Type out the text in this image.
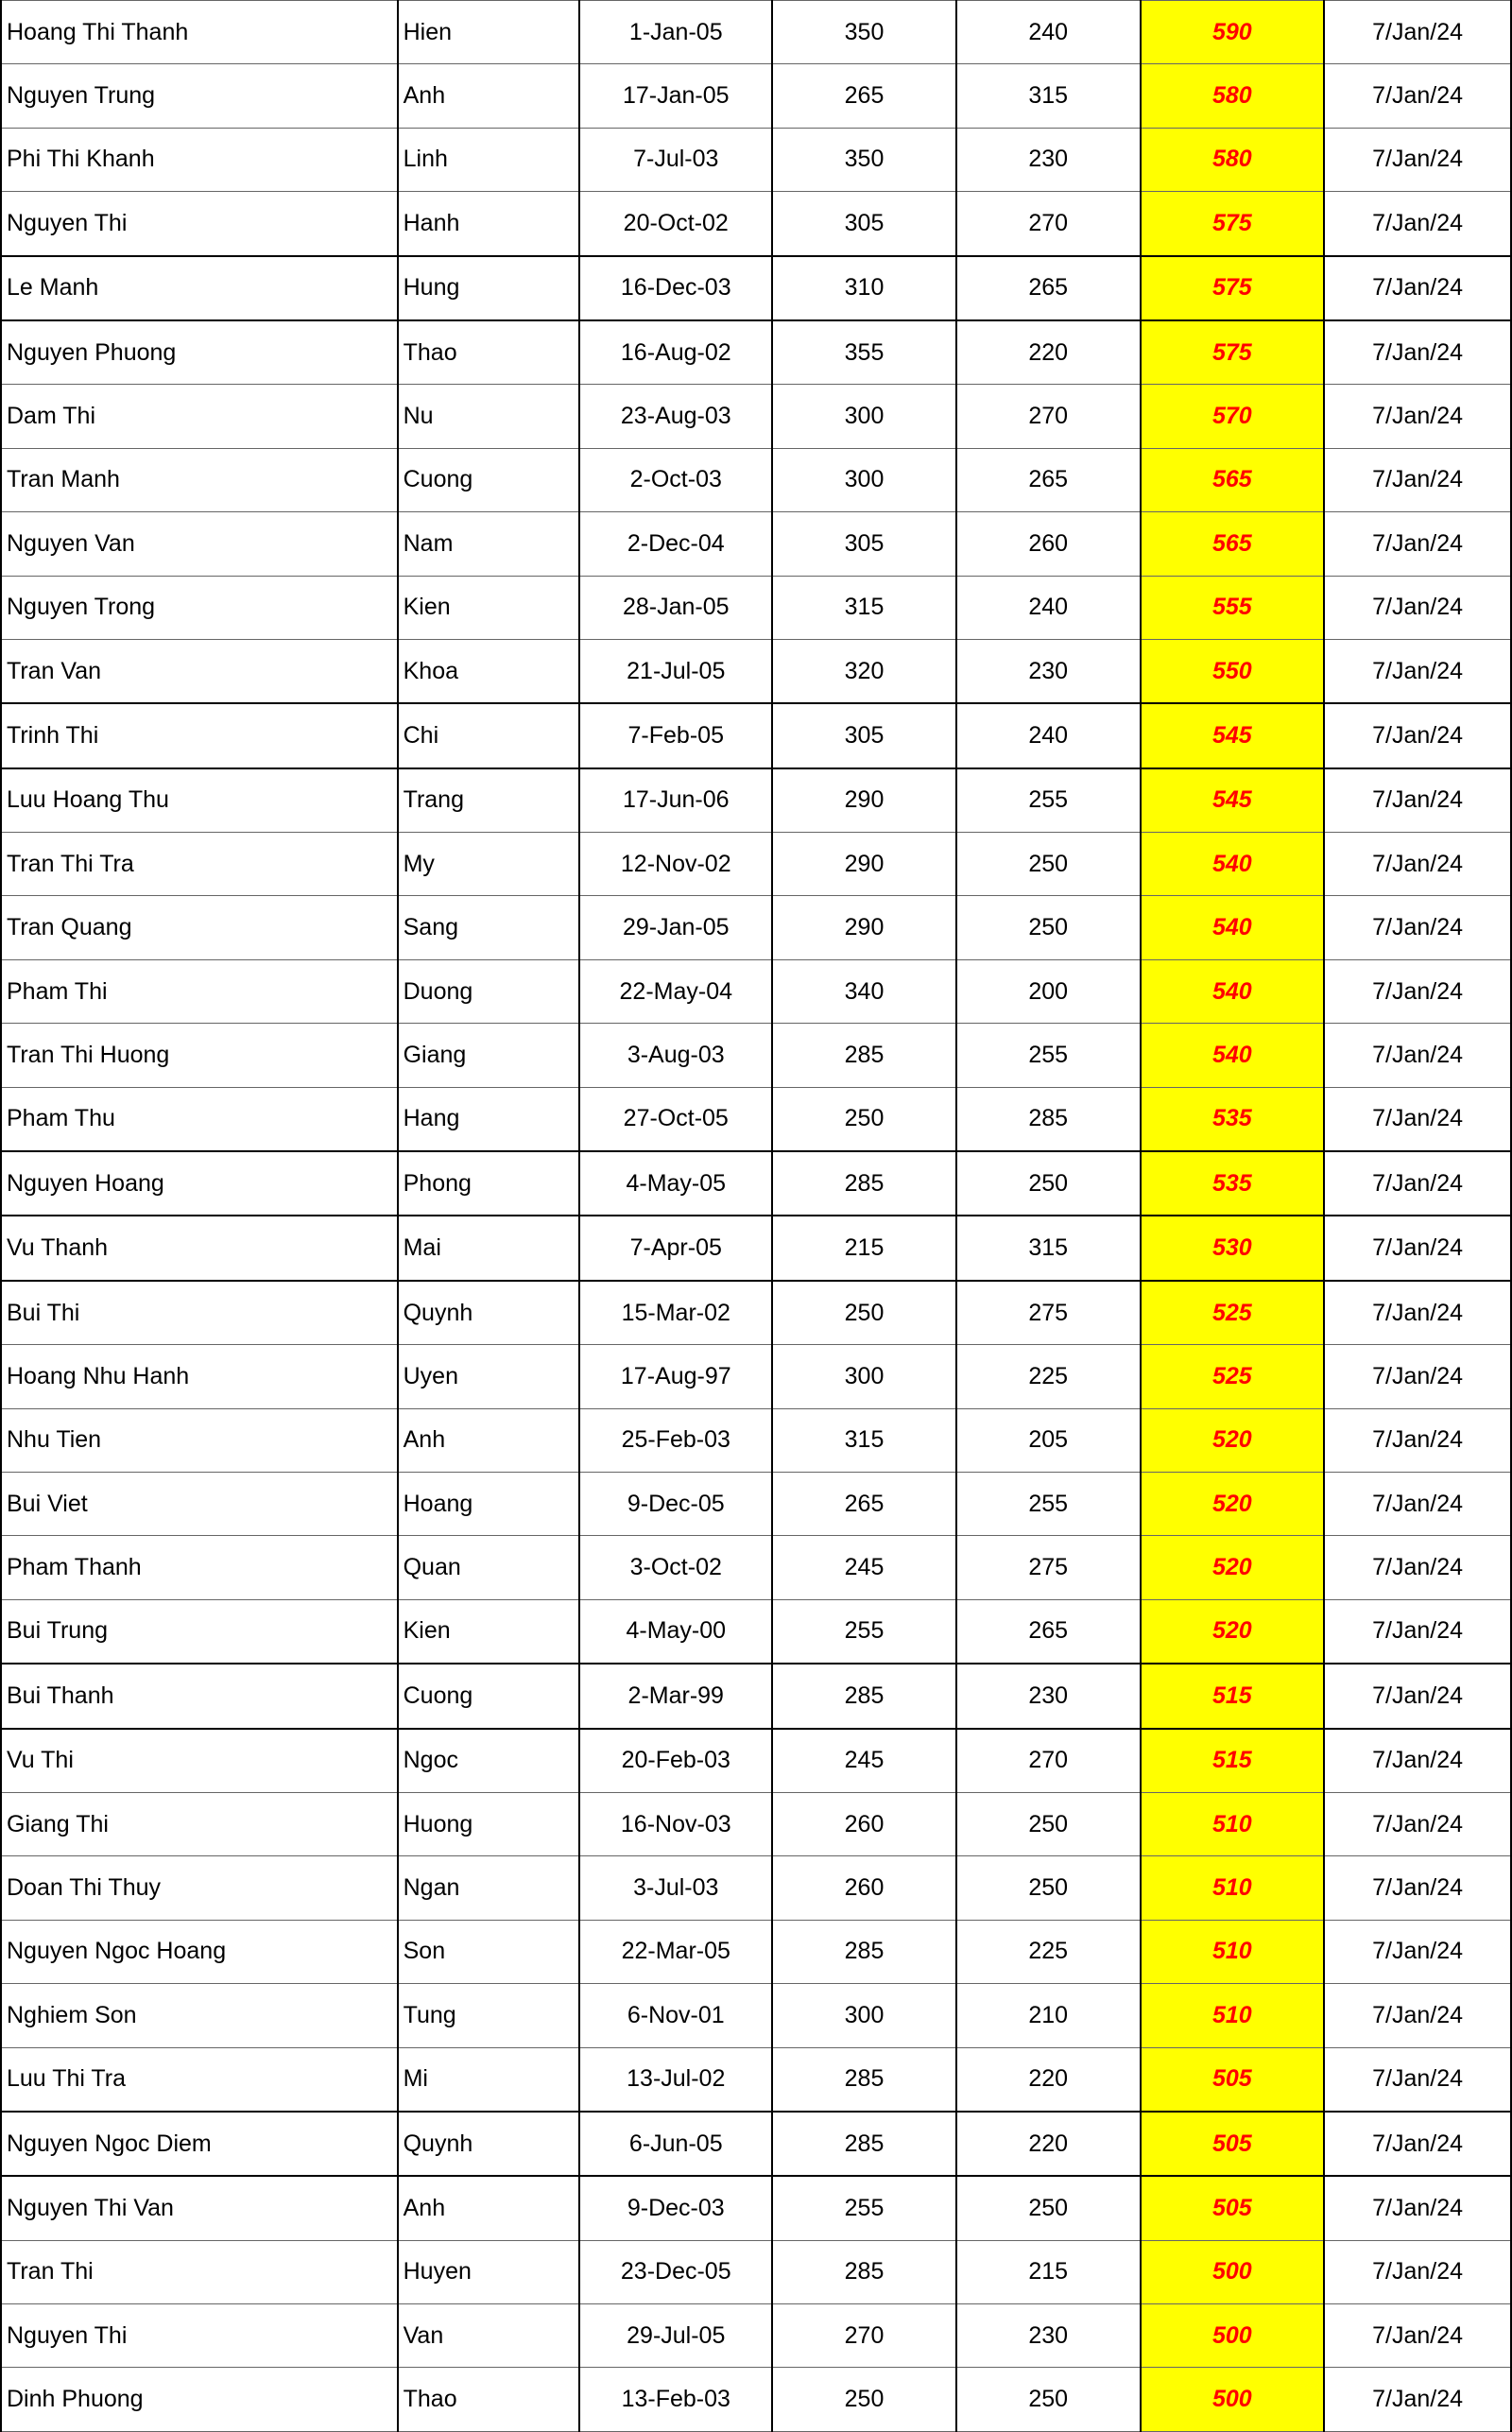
Hoang Thi Thanh	Hien	1-Jan-05	350	240	590	7/Jan/24
Nguyen Trung	Anh	17-Jan-05	265	315	580	7/Jan/24
Phi Thi Khanh	Linh	7-Jul-03	350	230	580	7/Jan/24
Nguyen Thi	Hanh	20-Oct-02	305	270	575	7/Jan/24
Le Manh	Hung	16-Dec-03	310	265	575	7/Jan/24
Nguyen Phuong	Thao	16-Aug-02	355	220	575	7/Jan/24
Dam Thi	Nu	23-Aug-03	300	270	570	7/Jan/24
Tran Manh	Cuong	2-Oct-03	300	265	565	7/Jan/24
Nguyen Van	Nam	2-Dec-04	305	260	565	7/Jan/24
Nguyen Trong	Kien	28-Jan-05	315	240	555	7/Jan/24
Tran Van	Khoa	21-Jul-05	320	230	550	7/Jan/24
Trinh Thi	Chi	7-Feb-05	305	240	545	7/Jan/24
Luu Hoang Thu	Trang	17-Jun-06	290	255	545	7/Jan/24
Tran Thi Tra	My	12-Nov-02	290	250	540	7/Jan/24
Tran Quang	Sang	29-Jan-05	290	250	540	7/Jan/24
Pham Thi	Duong	22-May-04	340	200	540	7/Jan/24
Tran Thi Huong	Giang	3-Aug-03	285	255	540	7/Jan/24
Pham Thu	Hang	27-Oct-05	250	285	535	7/Jan/24
Nguyen Hoang	Phong	4-May-05	285	250	535	7/Jan/24
Vu Thanh	Mai	7-Apr-05	215	315	530	7/Jan/24
Bui Thi	Quynh	15-Mar-02	250	275	525	7/Jan/24
Hoang Nhu Hanh	Uyen	17-Aug-97	300	225	525	7/Jan/24
Nhu Tien	Anh	25-Feb-03	315	205	520	7/Jan/24
Bui Viet	Hoang	9-Dec-05	265	255	520	7/Jan/24
Pham Thanh	Quan	3-Oct-02	245	275	520	7/Jan/24
Bui Trung	Kien	4-May-00	255	265	520	7/Jan/24
Bui Thanh	Cuong	2-Mar-99	285	230	515	7/Jan/24
Vu Thi	Ngoc	20-Feb-03	245	270	515	7/Jan/24
Giang Thi	Huong	16-Nov-03	260	250	510	7/Jan/24
Doan Thi Thuy	Ngan	3-Jul-03	260	250	510	7/Jan/24
Nguyen Ngoc Hoang	Son	22-Mar-05	285	225	510	7/Jan/24
Nghiem Son	Tung	6-Nov-01	300	210	510	7/Jan/24
Luu Thi Tra	Mi	13-Jul-02	285	220	505	7/Jan/24
Nguyen Ngoc Diem	Quynh	6-Jun-05	285	220	505	7/Jan/24
Nguyen Thi Van	Anh	9-Dec-03	255	250	505	7/Jan/24
Tran Thi	Huyen	23-Dec-05	285	215	500	7/Jan/24
Nguyen Thi	Van	29-Jul-05	270	230	500	7/Jan/24
Dinh Phuong	Thao	13-Feb-03	250	250	500	7/Jan/24
